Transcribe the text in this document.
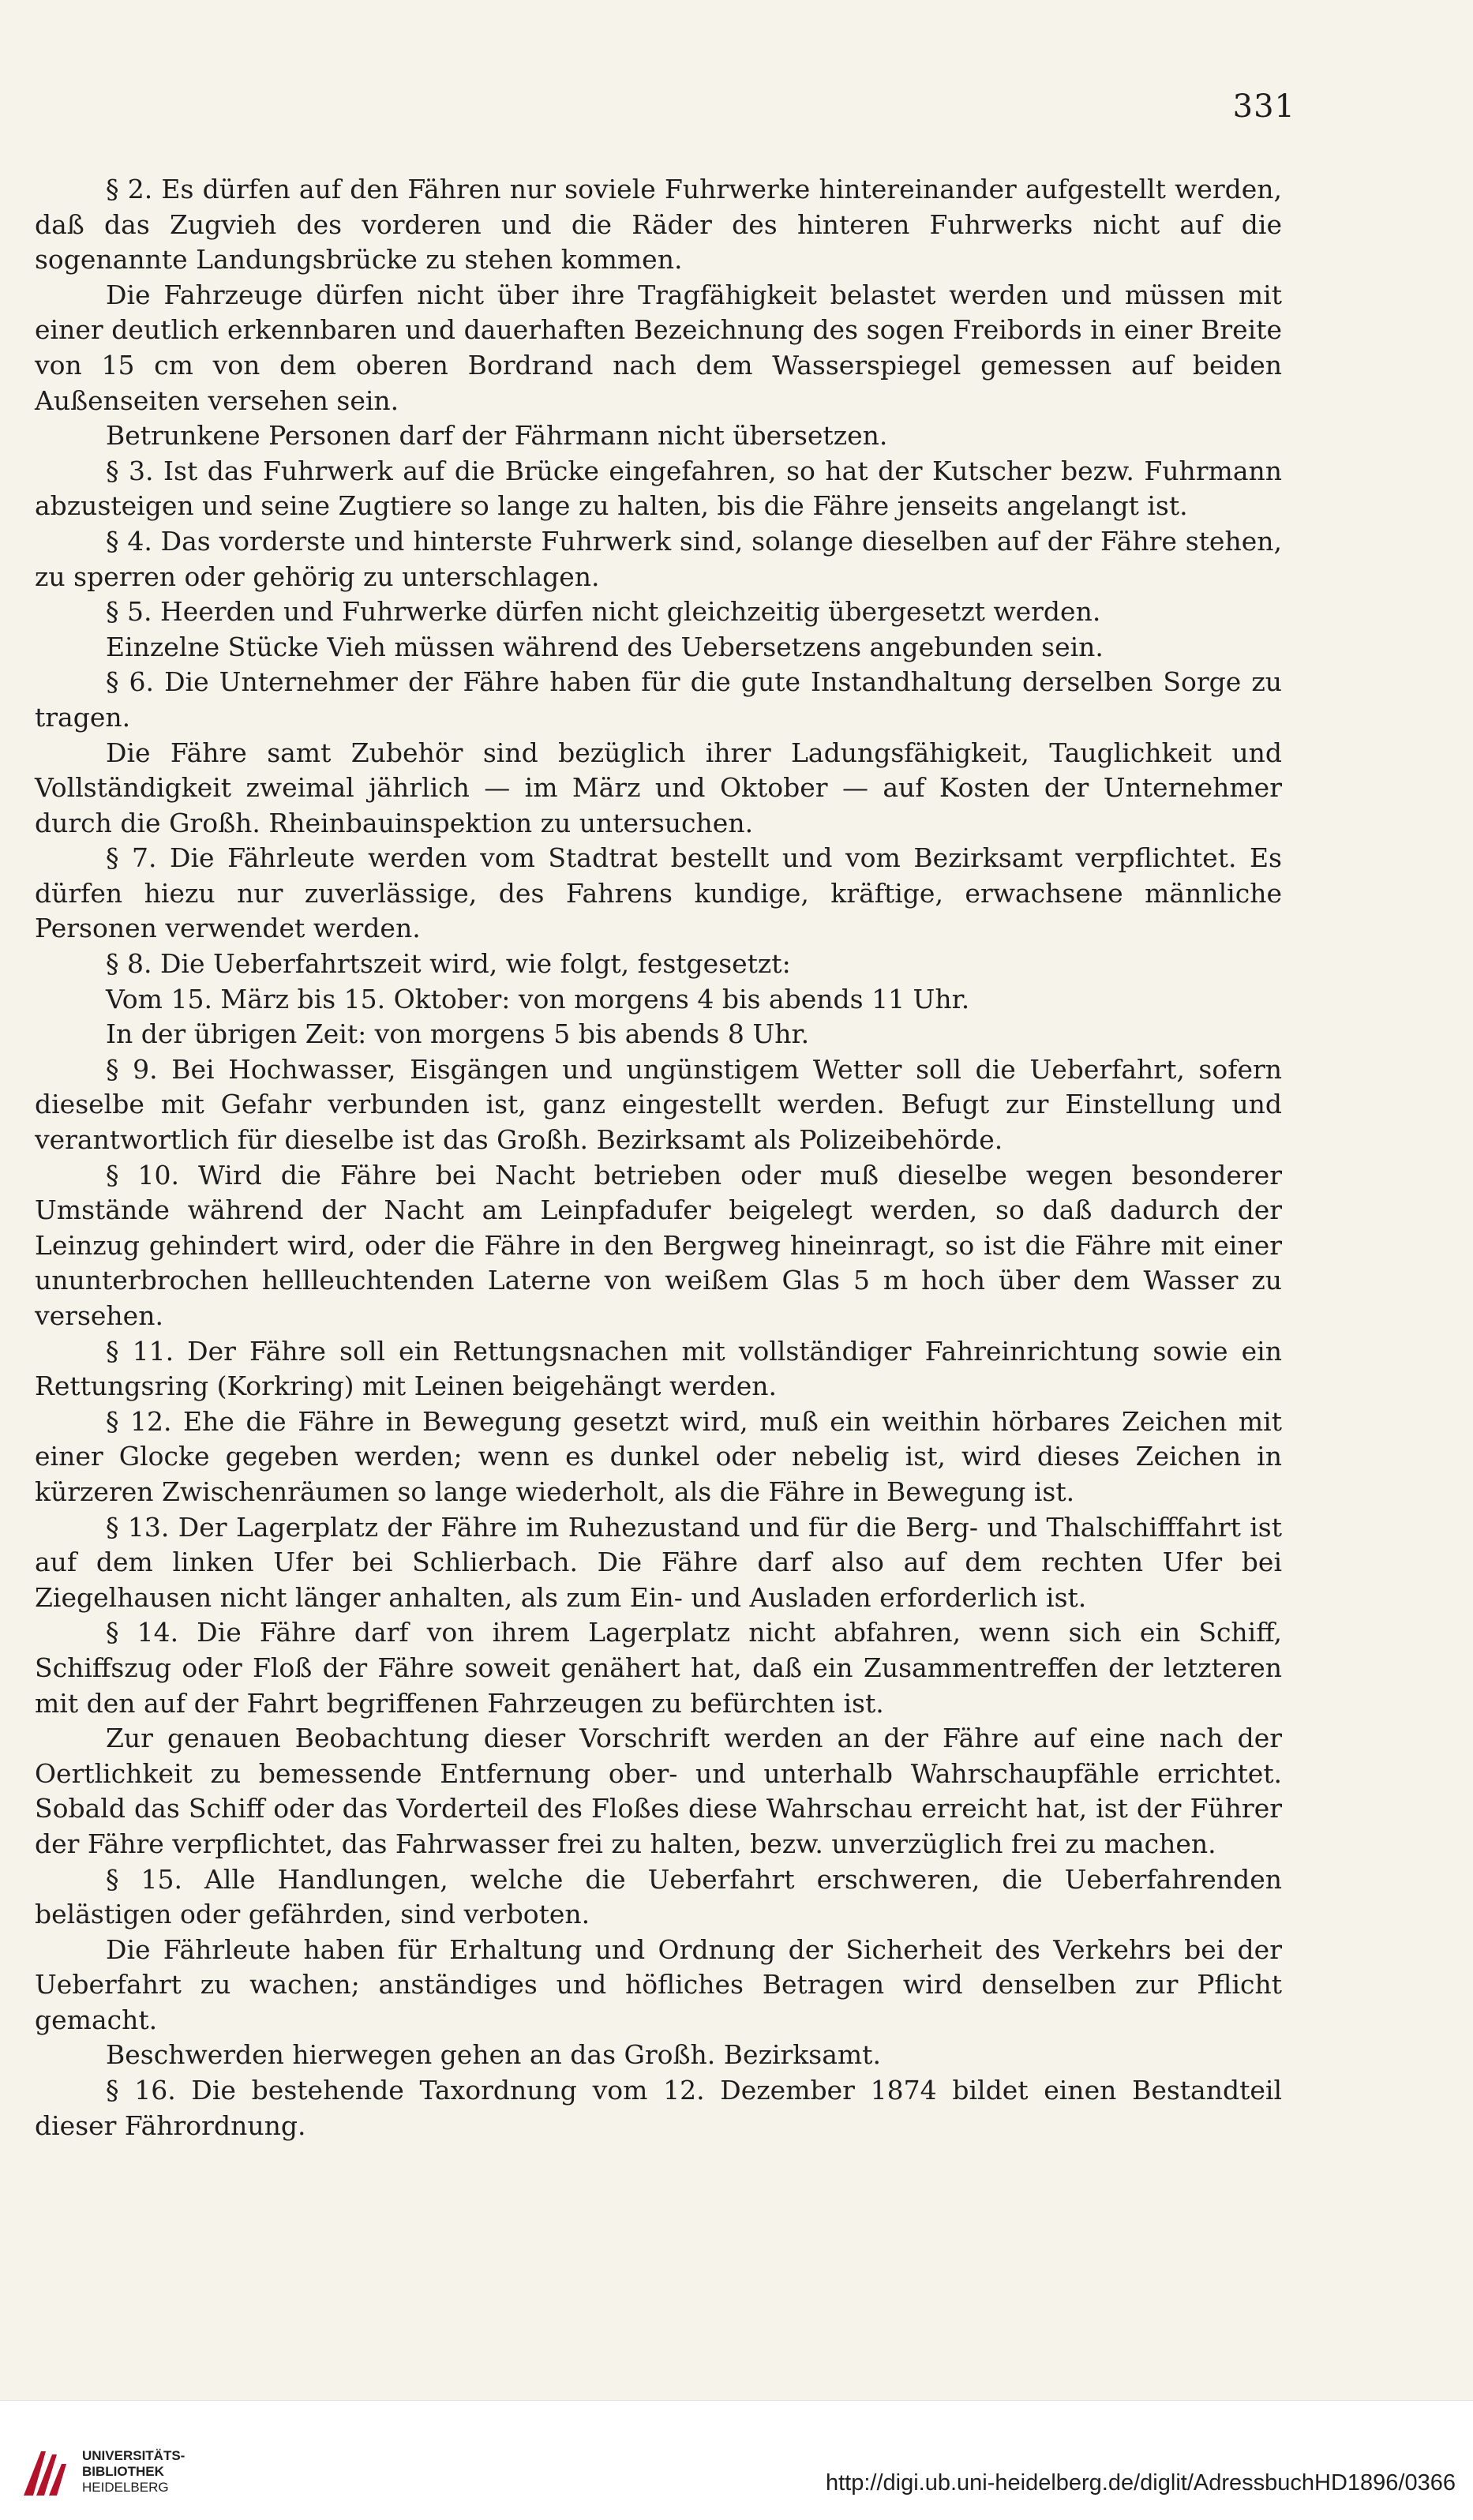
331

§ 2. Es dürfen auf den Fähren nur soviele Fuhrwerke hintereinander aufgestellt werden, daß das Zugvieh des vorderen und die Räder des hinteren Fuhrwerks nicht auf die sogenannte Landungsbrücke zu stehen kommen.

Die Fahrzeuge dürfen nicht über ihre Tragfähigkeit belastet werden und müssen mit einer deutlich erkennbaren und dauerhaften Bezeichnung des sogen Freibords in einer Breite von 15 cm von dem oberen Bordrand nach dem Wasserspiegel gemessen auf beiden Außenseiten versehen sein.

Betrunkene Personen darf der Fährmann nicht übersetzen.

§ 3. Ist das Fuhrwerk auf die Brücke eingefahren, so hat der Kutscher bezw. Fuhrmann abzusteigen und seine Zugtiere so lange zu halten, bis die Fähre jenseits angelangt ist.

§ 4. Das vorderste und hinterste Fuhrwerk sind, solange dieselben auf der Fähre stehen, zu sperren oder gehörig zu unterschlagen.

§ 5. Heerden und Fuhrwerke dürfen nicht gleichzeitig übergesetzt werden.

Einzelne Stücke Vieh müssen während des Uebersetzens angebunden sein.

§ 6. Die Unternehmer der Fähre haben für die gute Instandhaltung derselben Sorge zu tragen.

Die Fähre samt Zubehör sind bezüglich ihrer Ladungsfähigkeit, Tauglichkeit und Vollständigkeit zweimal jährlich — im März und Oktober — auf Kosten der Unternehmer durch die Großh. Rheinbauinspektion zu untersuchen.

§ 7. Die Fährleute werden vom Stadtrat bestellt und vom Bezirksamt verpflichtet. Es dürfen hiezu nur zuverlässige, des Fahrens kundige, kräftige, erwachsene männliche Personen verwendet werden.

§ 8. Die Ueberfahrtszeit wird, wie folgt, festgesetzt:

Vom 15. März bis 15. Oktober: von morgens 4 bis abends 11 Uhr.

In der übrigen Zeit: von morgens 5 bis abends 8 Uhr.

§ 9. Bei Hochwasser, Eisgängen und ungünstigem Wetter soll die Ueberfahrt, sofern dieselbe mit Gefahr verbunden ist, ganz eingestellt werden. Befugt zur Einstellung und verantwortlich für dieselbe ist das Großh. Bezirksamt als Polizeibehörde.

§ 10. Wird die Fähre bei Nacht betrieben oder muß dieselbe wegen besonderer Umstände während der Nacht am Leinpfadufer beigelegt werden, so daß dadurch der Leinzug gehindert wird, oder die Fähre in den Bergweg hineinragt, so ist die Fähre mit einer ununterbrochen hellleuchtenden Laterne von weißem Glas 5 m hoch über dem Wasser zu versehen.

§ 11. Der Fähre soll ein Rettungsnachen mit vollständiger Fahreinrichtung sowie ein Rettungsring (Korkring) mit Leinen beigehängt werden.

§ 12. Ehe die Fähre in Bewegung gesetzt wird, muß ein weithin hörbares Zeichen mit einer Glocke gegeben werden; wenn es dunkel oder nebelig ist, wird dieses Zeichen in kürzeren Zwischenräumen so lange wiederholt, als die Fähre in Bewegung ist.

§ 13. Der Lagerplatz der Fähre im Ruhezustand und für die Berg- und Thalschifffahrt ist auf dem linken Ufer bei Schlierbach. Die Fähre darf also auf dem rechten Ufer bei Ziegelhausen nicht länger anhalten, als zum Ein- und Ausladen erforderlich ist.

§ 14. Die Fähre darf von ihrem Lagerplatz nicht abfahren, wenn sich ein Schiff, Schiffszug oder Floß der Fähre soweit genähert hat, daß ein Zusammentreffen der letzteren mit den auf der Fahrt begriffenen Fahrzeugen zu befürchten ist.

Zur genauen Beobachtung dieser Vorschrift werden an der Fähre auf eine nach der Oertlichkeit zu bemessende Entfernung ober- und unterhalb Wahrschaupfähle errichtet. Sobald das Schiff oder das Vorderteil des Floßes diese Wahrschau erreicht hat, ist der Führer der Fähre verpflichtet, das Fahrwasser frei zu halten, bezw. unverzüglich frei zu machen.

§ 15. Alle Handlungen, welche die Ueberfahrt erschweren, die Ueberfahrenden belästigen oder gefährden, sind verboten.

Die Fährleute haben für Erhaltung und Ordnung der Sicherheit des Verkehrs bei der Ueberfahrt zu wachen; anständiges und höfliches Betragen wird denselben zur Pflicht gemacht.

Beschwerden hierwegen gehen an das Großh. Bezirksamt.

§ 16. Die bestehende Taxordnung vom 12. Dezember 1874 bildet einen Bestandteil dieser Fährordnung.

UNIVERSITÄTS-
BIBLIOTHEK
HEIDELBERG	http://digi.ub.uni-heidelberg.de/diglit/AdressbuchHD1896/0366
